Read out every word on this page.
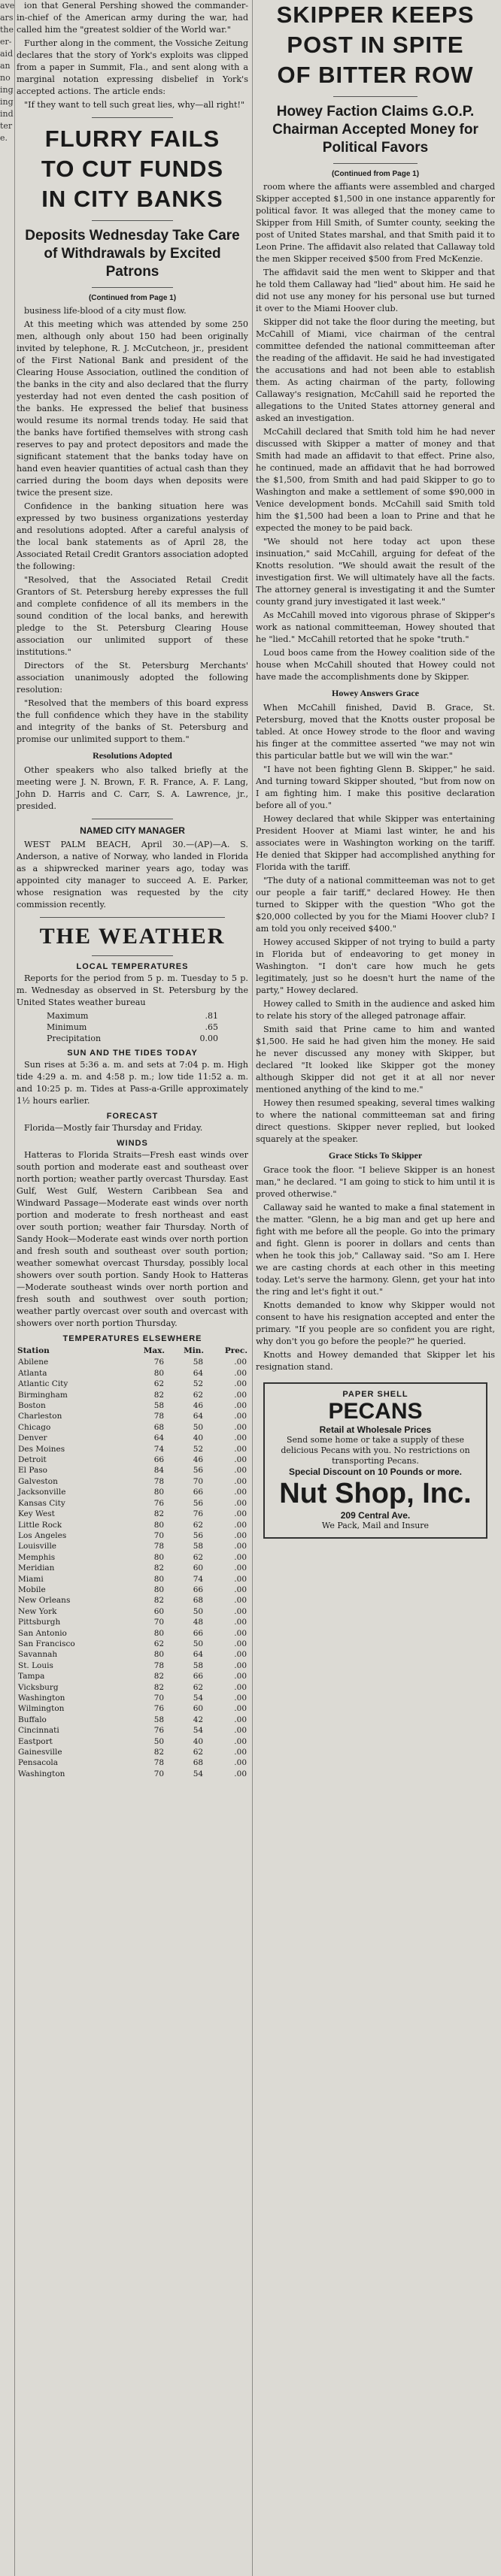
ave
ars
the
er-
aid
an
no
ing
ing
ind
ter
e.

ion that General Pershing showed the commander-in-chief of the American army during the war, had called him the "greatest soldier of the World war."

Further along in the comment, the Vossiche Zeitung declares that the story of York's exploits was clipped from a paper in Summit, Fla., and sent along with a marginal notation expressing disbelief in York's accepted actions. The article ends:

"If they want to tell such great lies, why—all right!"

FLURRY FAILS

TO CUT FUNDS

IN CITY BANKS

Deposits Wednesday Take Care of Withdrawals by Excited Patrons

(Continued from Page 1)

business life-blood of a city must flow.

At this meeting which was attended by some 250 men, although only about 150 had been originally invited by telephone, R. J. McCutcheon, jr., president of the First National Bank and president of the Clearing House Association, outlined the condition of the banks in the city and also declared that the flurry yesterday had not even dented the cash position of the banks. He expressed the belief that business would resume its normal trends today. He said that the banks have fortified themselves with strong cash reserves to pay and protect depositors and made the significant statement that the banks today have on hand even heavier quantities of actual cash than they carried during the boom days when deposits were twice the present size.

Confidence in the banking situation here was expressed by two business organizations yesterday and resolutions adopted. After a careful analysis of the local bank statements as of April 28, the Associated Retail Credit Grantors association adopted the following:

"Resolved, that the Associated Retail Credit Grantors of St. Petersburg hereby expresses the full and complete confidence of all its members in the sound condition of the local banks, and herewith pledge to the St. Petersburg Clearing House association our unlimited support of these institutions."

Directors of the St. Petersburg Merchants' association unanimously adopted the following resolution:

"Resolved that the members of this board express the full confidence which they have in the stability and integrity of the banks of St. Petersburg and promise our unlimited support to them."

Resolutions Adopted

Other speakers who also talked briefly at the meeting were J. N. Brown, F. R. France, A. F. Lang, John D. Harris and C. Carr, S. A. Lawrence, jr., presided.

NAMED CITY MANAGER

WEST PALM BEACH, April 30.—(AP)—A. S. Anderson, a native of Norway, who landed in Florida as a shipwrecked mariner years ago, today was appointed city manager to succeed A. E. Parker, whose resignation was requested by the city commission recently.

THE WEATHER

LOCAL TEMPERATURES

Reports for the period from 5 p. m. Tuesday to 5 p. m. Wednesday as observed in St. Petersburg by the United States weather bureau

Maximum	.81
Minimum	.65
Precipitation	0.00

SUN AND THE TIDES TODAY

Sun rises at 5:36 a. m. and sets at 7:04 p. m. High tide 4:29 a. m. and 4:58 p. m.; low tide 11:52 a. m. and 10:25 p. m. Tides at Pass-a-Grille approximately 1½ hours earlier.

FORECAST

Florida—Mostly fair Thursday and Friday.

WINDS

Hatteras to Florida Straits—Fresh east winds over south portion and moderate east and southeast over north portion; weather partly overcast Thursday. East Gulf, West Gulf, Western Caribbean Sea and Windward Passage—Moderate east winds over north portion and moderate to fresh northeast and east over south portion; weather fair Thursday. North of Sandy Hook—Moderate east winds over north portion and fresh south and southeast over south portion; weather somewhat overcast Thursday, possibly local showers over south portion. Sandy Hook to Hatteras—Moderate southeast winds over north portion and fresh south and southwest over south portion; weather partly overcast over south and overcast with showers over north portion Thursday.

TEMPERATURES ELSEWHERE

Station	Max.	Min.	Prec.
Abilene	76	58	.00
Atlanta	80	64	.00
Atlantic City	62	52	.00
Birmingham	82	62	.00
Boston	58	46	.00
Charleston	78	64	.00
Chicago	68	50	.00
Denver	64	40	.00
Des Moines	74	52	.00
Detroit	66	46	.00
El Paso	84	56	.00
Galveston	78	70	.00
Jacksonville	80	66	.00
Kansas City	76	56	.00
Key West	82	76	.00
Little Rock	80	62	.00
Los Angeles	70	56	.00
Louisville	78	58	.00
Memphis	80	62	.00
Meridian	82	60	.00
Miami	80	74	.00
Mobile	80	66	.00
New Orleans	82	68	.00
New York	60	50	.00
Pittsburgh	70	48	.00
San Antonio	80	66	.00
San Francisco	62	50	.00
Savannah	80	64	.00
St. Louis	78	58	.00
Tampa	82	66	.00
Vicksburg	82	62	.00
Washington	70	54	.00
Wilmington	76	60	.00
Buffalo	58	42	.00
Cincinnati	76	54	.00
Eastport	50	40	.00
Gainesville	82	62	.00
Pensacola	78	68	.00
Washington	70	54	.00

SKIPPER KEEPS

POST IN SPITE

OF BITTER ROW

Howey Faction Claims G.O.P. Chairman Accepted Money for Political Favors

(Continued from Page 1)

room where the affiants were assembled and charged Skipper accepted $1,500 in one instance apparently for political favor. It was alleged that the money came to Skipper from Hill Smith, of Sumter county, seeking the post of United States marshal, and that Smith paid it to Leon Prine. The affidavit also related that Callaway told the men Skipper received $500 from Fred McKenzie.

The affidavit said the men went to Skipper and that he told them Callaway had "lied" about him. He said he did not use any money for his personal use but turned it over to the Miami Hoover club.

Skipper did not take the floor during the meeting, but McCahill of Miami, vice chairman of the central committee defended the national committeeman after the reading of the affidavit. He said he had investigated the accusations and had not been able to establish them. As acting chairman of the party, following Callaway's resignation, McCahill said he reported the allegations to the United States attorney general and asked an investigation.

McCahill declared that Smith told him he had never discussed with Skipper a matter of money and that Smith had made an affidavit to that effect. Prine also, he continued, made an affidavit that he had borrowed the $1,500, from Smith and had paid Skipper to go to Washington and make a settlement of some $90,000 in Venice development bonds. McCahill said Smith told him the $1,500 had been a loan to Prine and that he expected the money to be paid back.

"We should not here today act upon these insinuation," said McCahill, arguing for defeat of the Knotts resolution. "We should await the result of the investigation first. We will ultimately have all the facts. The attorney general is investigating it and the Sumter county grand jury investigated it last week."

As McCahill moved into vigorous phrase of Skipper's work as national committeeman, Howey shouted that he "lied." McCahill retorted that he spoke "truth."

Loud boos came from the Howey coalition side of the house when McCahill shouted that Howey could not have made the accomplishments done by Skipper.

Howey Answers Grace

When McCahill finished, David B. Grace, St. Petersburg, moved that the Knotts ouster proposal be tabled. At once Howey strode to the floor and waving his finger at the committee asserted "we may not win this particular battle but we will win the war."

"I have not been fighting Glenn B. Skipper," he said. And turning toward Skipper shouted, "but from now on I am fighting him. I make this positive declaration before all of you."

Howey declared that while Skipper was entertaining President Hoover at Miami last winter, he and his associates were in Washington working on the tariff. He denied that Skipper had accomplished anything for Florida with the tariff.

"The duty of a national committeeman was not to get our people a fair tariff," declared Howey. He then turned to Skipper with the question "Who got the $20,000 collected by you for the Miami Hoover club? I am told you only received $400."

Howey accused Skipper of not trying to build a party in Florida but of endeavoring to get money in Washington. "I don't care how much he gets legitimately, just so he doesn't hurt the name of the party," Howey declared.

Howey called to Smith in the audience and asked him to relate his story of the alleged patronage affair.

Smith said that Prine came to him and wanted $1,500. He said he had given him the money. He said he never discussed any money with Skipper, but declared "It looked like Skipper got the money although Skipper did not get it at all nor never mentioned anything of the kind to me."

Howey then resumed speaking, several times walking to where the national committeeman sat and firing direct questions. Skipper never replied, but looked squarely at the speaker.

Grace Sticks To Skipper

Grace took the floor. "I believe Skipper is an honest man," he declared. "I am going to stick to him until it is proved otherwise."

Callaway said he wanted to make a final statement in the matter. "Glenn, he a big man and get up here and fight with me before all the people. Go into the primary and fight. Glenn is poorer in dollars and cents than when he took this job," Callaway said. "So am I. Here we are casting chords at each other in this meeting today. Let's serve the harmony. Glenn, get your hat into the ring and let's fight it out."

Knotts demanded to know why Skipper would not consent to have his resignation accepted and enter the primary. "If you people are so confident you are right, why don't you go before the people?" he queried.

Knotts and Howey demanded that Skipper let his resignation stand.

PAPER SHELL
PECANS
Retail at Wholesale Prices
Send some home or take a supply of these delicious Pecans with you. No restrictions on transporting Pecans.
Special Discount on 10 Pounds or more.
Nut Shop, Inc.
209 Central Ave.
We Pack, Mail and Insure
